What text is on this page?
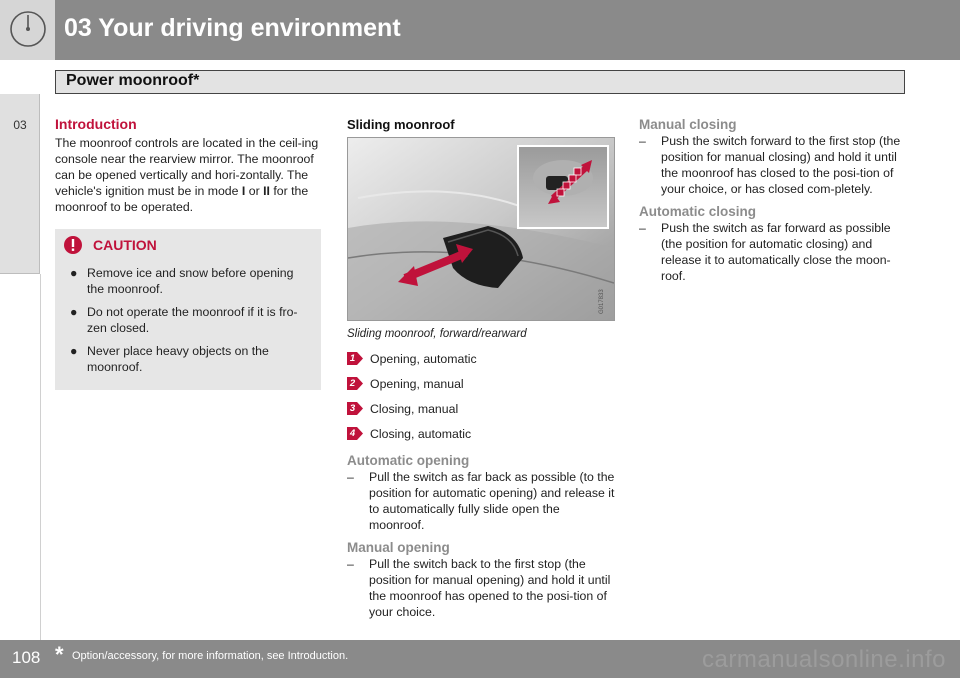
03 Your driving environment
Power moonroof*
03	Introduction

The moonroof controls are located in the ceil-ing console near the rearview mirror. The moonroof can be opened vertically and hori-zontally. The vehicle's ignition must be in mode I or II for the moonroof to be operated.

CAUTION
● Remove ice and snow before opening the moonroof.
● Do not operate the moonroof if it is fro-zen closed.
● Never place heavy objects on the moonroof.
Sliding moonroof
G017833
Sliding moonroof, forward/rearward
1 Opening, automatic
2 Opening, manual
3 Closing, manual
4 Closing, automatic
Automatic opening

– Pull the switch as far back as possible (to the position for automatic opening) and release it to automatically fully slide open the moonroof.

Manual opening

– Pull the switch back to the first stop (the position for manual opening) and hold it until the moonroof has opened to the posi-tion of your choice.

Manual closing

– Push the switch forward to the first stop (the position for manual closing) and hold it until the moonroof has closed to the posi-tion of your choice, or has closed com-pletely.

Automatic closing

– Push the switch as far forward as possible (the position for automatic closing) and release it to automatically close the moon-roof.

108 * Option/accessory, for more information, see Introduction.	carmanualsonline.info
